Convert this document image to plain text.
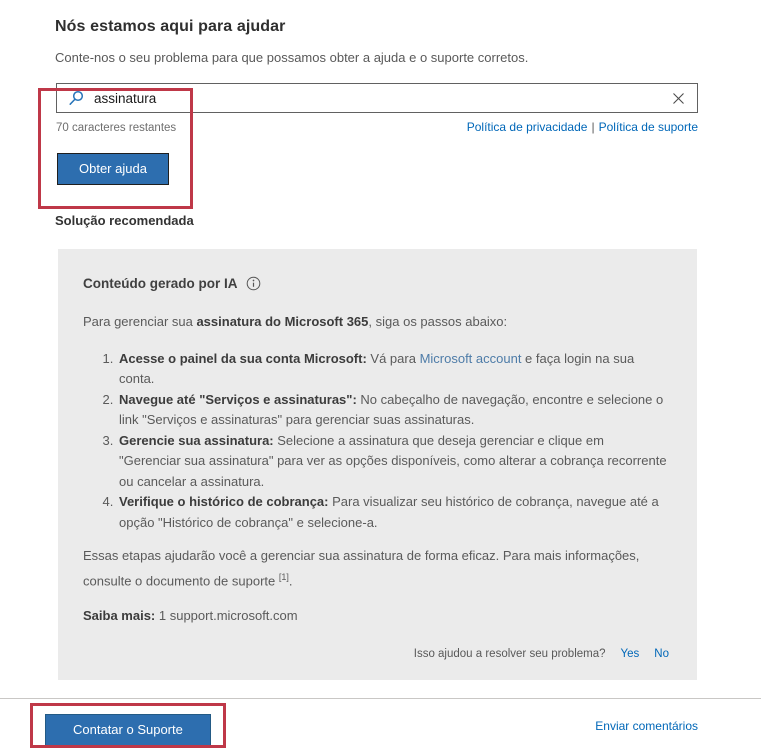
Nós estamos aqui para ajudar
Conte-nos o seu problema para que possamos obter a ajuda e o suporte corretos.
assinatura
70 caracteres restantes	Política de privacidade | Política de suporte
Obter ajuda
Solução recomendada
Conteúdo gerado por IA
Para gerenciar sua assinatura do Microsoft 365, siga os passos abaixo:
1. Acesse o painel da sua conta Microsoft: Vá para Microsoft account e faça login na sua conta.
2. Navegue até "Serviços e assinaturas": No cabeçalho de navegação, encontre e selecione o link "Serviços e assinaturas" para gerenciar suas assinaturas.
3. Gerencie sua assinatura: Selecione a assinatura que deseja gerenciar e clique em "Gerenciar sua assinatura" para ver as opções disponíveis, como alterar a cobrança recorrente ou cancelar a assinatura.
4. Verifique o histórico de cobrança: Para visualizar seu histórico de cobrança, navegue até a opção "Histórico de cobrança" e selecione-a.
Essas etapas ajudarão você a gerenciar sua assinatura de forma eficaz. Para mais informações, consulte o documento de suporte [1].
Saiba mais: 1 support.microsoft.com
Isso ajudou a resolver seu problema? Yes No
Contatar o Suporte	Enviar comentários
